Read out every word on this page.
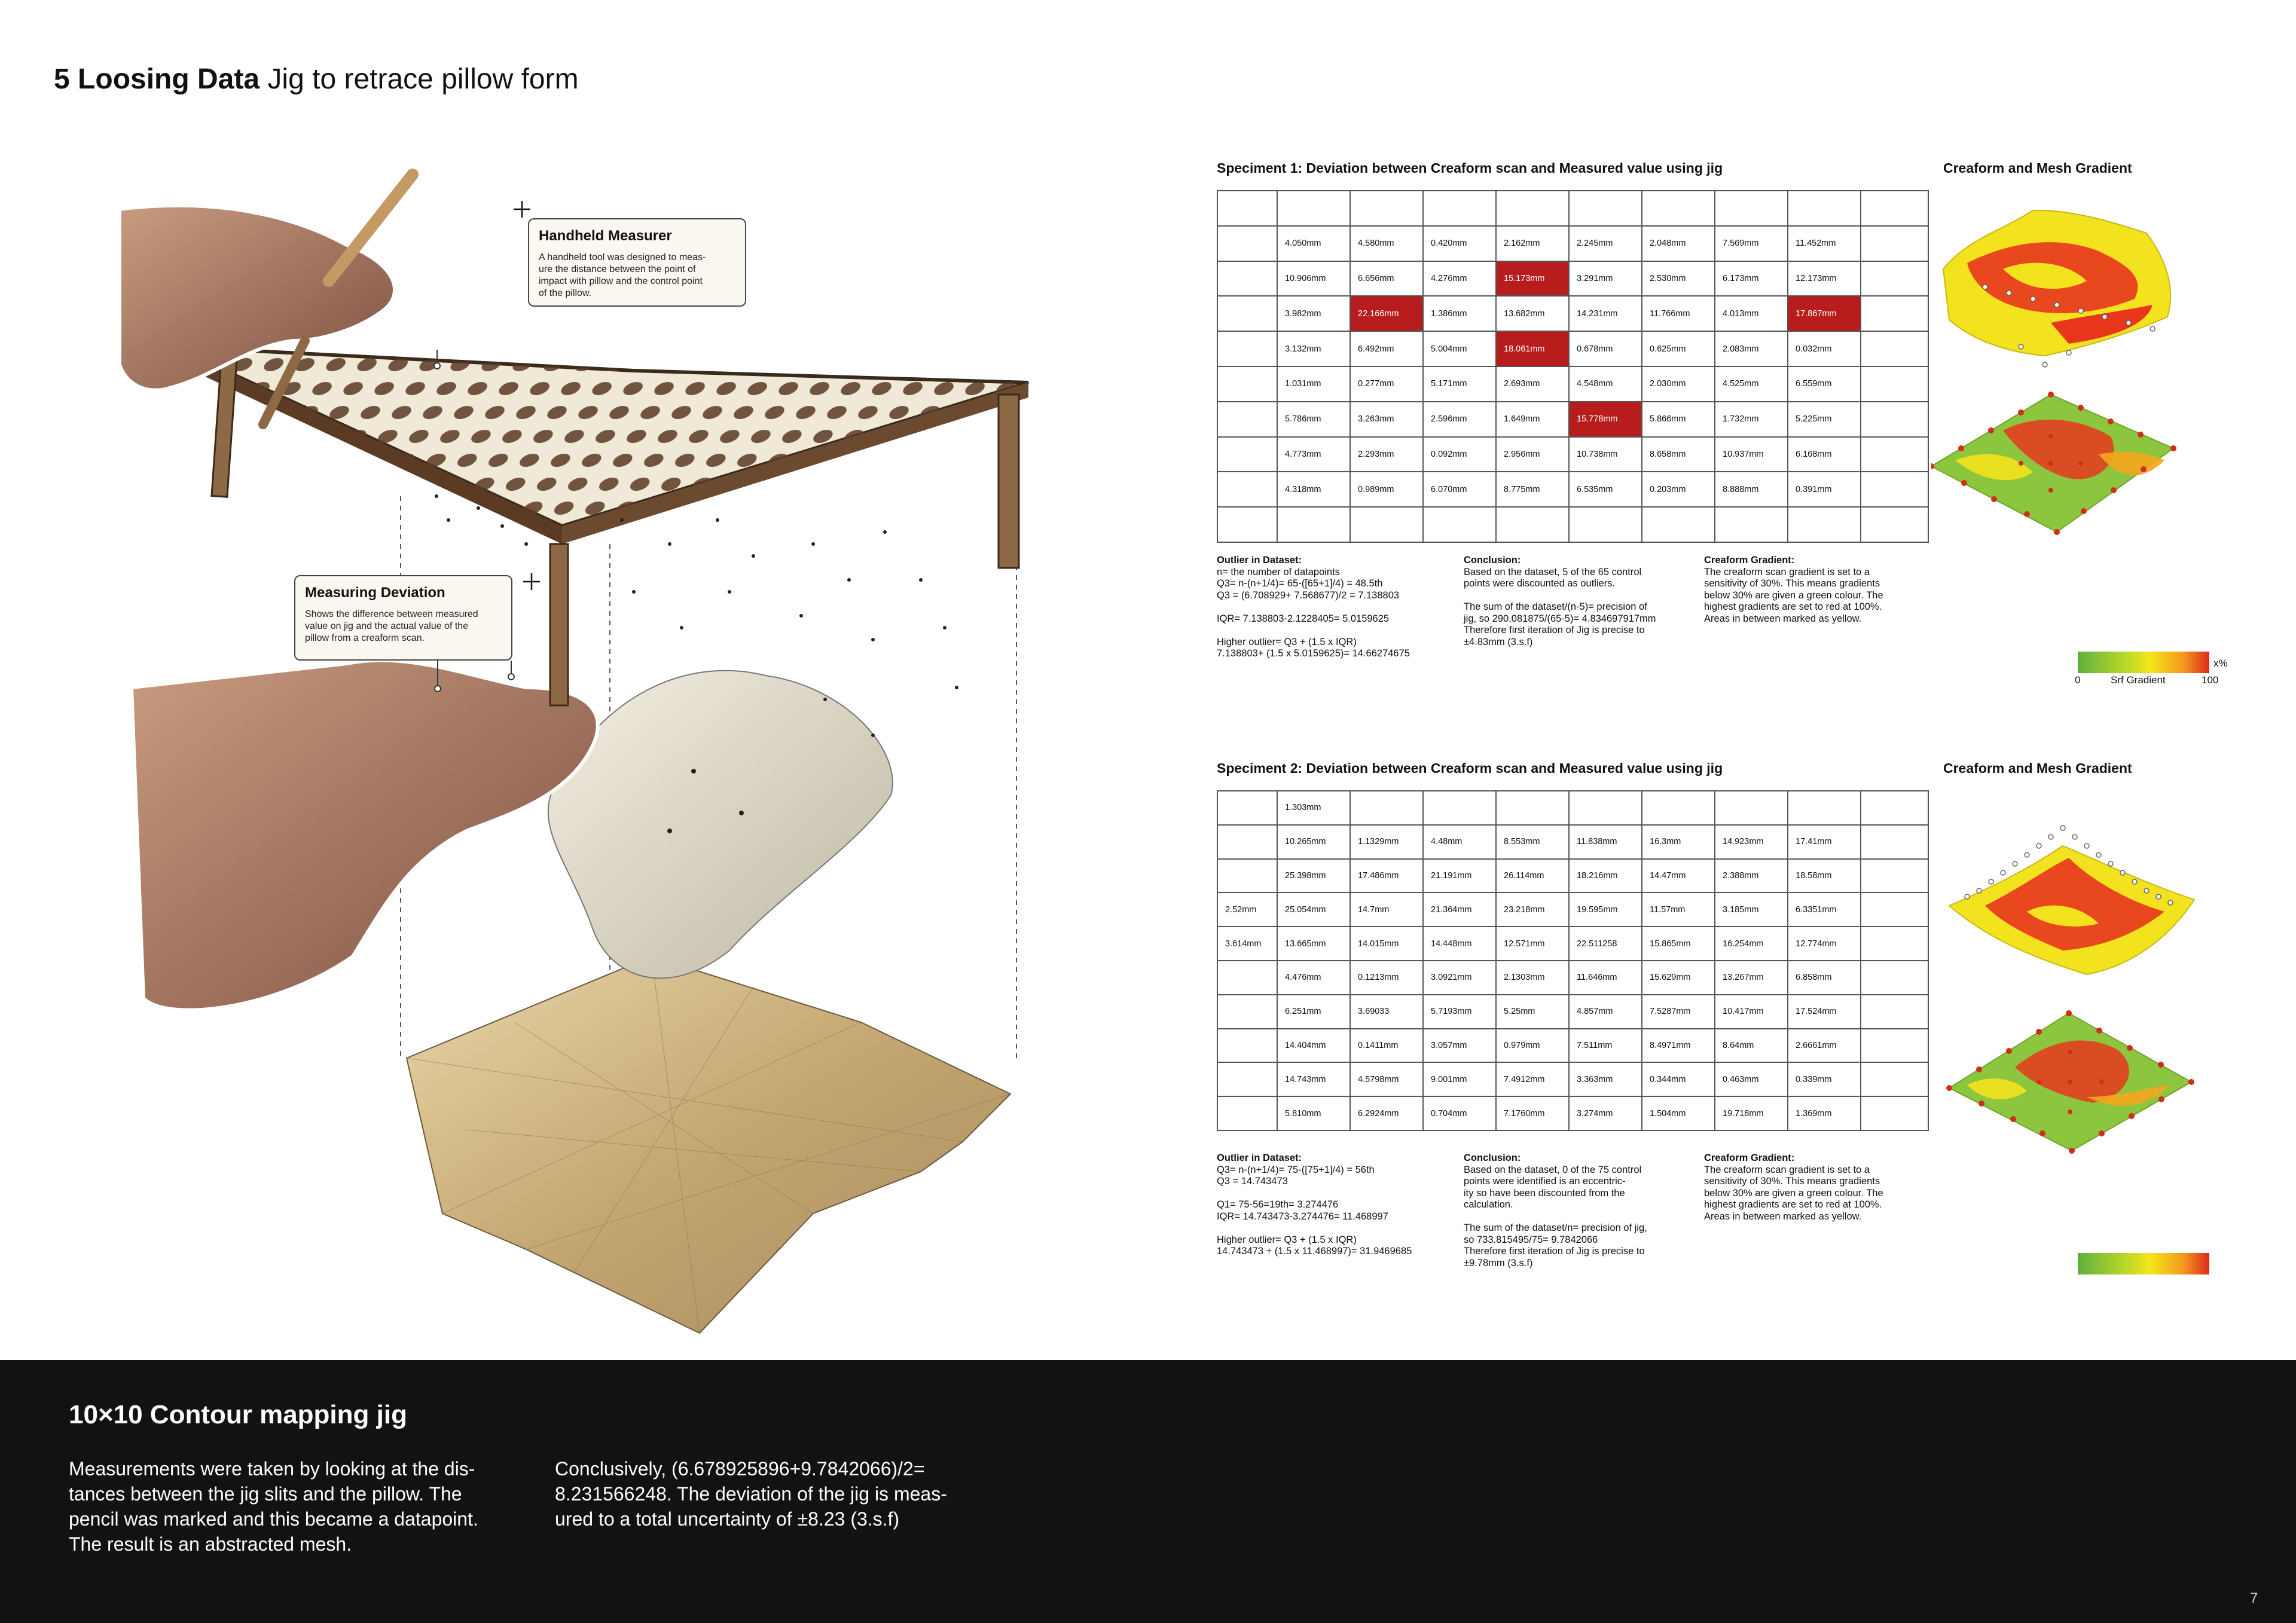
5 Loosing Data Jig to retrace pillow form
Handheld Measurer

A handheld tool was designed to meas-
ure the distance between the point of
impact with pillow and the control point
of the pillow.

Measuring Deviation

Shows the difference between measured
value on jig and the actual value of the
pillow from a creaform scan.

Speciment 1: Deviation between Creaform scan and Measured value using jig

	4.050mm	4.580mm	0.420mm	2.162mm	2.245mm	2.048mm	7.569mm	11.452mm	
	10.906mm	6.656mm	4.276mm	15.173mm	3.291mm	2.530mm	6.173mm	12.173mm	
	3.982mm	22.166mm	1.386mm	13.682mm	14.231mm	11.766mm	4.013mm	17.867mm	
	3.132mm	6.492mm	5.004mm	18.061mm	0.678mm	0.625mm	2.083mm	0.032mm	
	1.031mm	0.277mm	5.171mm	2.693mm	4.548mm	2.030mm	4.525mm	6.559mm	
	5.786mm	3.263mm	2.596mm	1.649mm	15.778mm	5.866mm	1.732mm	5.225mm	
	4.773mm	2.293mm	0.092mm	2.956mm	10.738mm	8.658mm	10.937mm	6.168mm	
	4.318mm	0.989mm	6.070mm	8.775mm	6.535mm	0.203mm	8.888mm	0.391mm	

Outlier in Dataset:
n= the number of datapoints
Q3= n-(n+1/4)= 65-([65+1]/4) = 48.5th
Q3 = (6.708929+ 7.568677)/2 = 7.138803
IQR= 7.138803-2.1228405= 5.0159625
Higher outlier= Q3 + (1.5 x IQR)
7.138803+ (1.5 x 5.0159625)= 14.66274675
Conclusion:
Based on the dataset, 5 of the 65 control
points were discounted as outliers.
The sum of the dataset/(n-5)= precision of
jig, so 290.081875/(65-5)= 4.834697917mm
Therefore first iteration of Jig is precise to
±4.83mm (3.s.f)
Creaform Gradient:
The creaform scan gradient is set to a
sensitivity of 30%. This means gradients
below 30% are given a green colour. The
highest gradients are set to red at 100%.
Areas in between marked as yellow.
Creaform and Mesh Gradient
x%
0	Srf Gradient	100
Speciment 2: Deviation between Creaform scan and Measured value using jig
	1.303mm								
	10.265mm	1.1329mm	4.48mm	8.553mm	11.838mm	16.3mm	14.923mm	17.41mm	
	25.398mm	17.486mm	21.191mm	26.114mm	18.216mm	14.47mm	2.388mm	18.58mm	
2.52mm	25.054mm	14.7mm	21.364mm	23.218mm	19.595mm	11.57mm	3.185mm	6.3351mm	
3.614mm	13.665mm	14.015mm	14.448mm	12.571mm	22.511258	15.865mm	16.254mm	12.774mm	
	4.476mm	0.1213mm	3.0921mm	2.1303mm	11.646mm	15.629mm	13.267mm	6.858mm	
	6.251mm	3.69033	5.7193mm	5.25mm	4.857mm	7.5287mm	10.417mm	17.524mm	
	14.404mm	0.1411mm	3.057mm	0.979mm	7.511mm	8.4971mm	8.64mm	2.6661mm	
	14.743mm	4.5798mm	9.001mm	7.4912mm	3.363mm	0.344mm	0.463mm	0.339mm	
	5.810mm	6.2924mm	0.704mm	7.1760mm	3.274mm	1.504mm	19.718mm	1.369mm	
Outlier in Dataset:
Q3= n-(n+1/4)= 75-([75+1]/4) = 56th
Q3 = 14.743473
Q1= 75-56=19th= 3.274476
IQR= 14.743473-3.274476= 11.468997
Higher outlier= Q3 + (1.5 x IQR)
14.743473 + (1.5 x 11.468997)= 31.9469685
Conclusion:
Based on the dataset, 0 of the 75 control
points were identified is an eccentric-
ity so have been discounted from the
calculation.
The sum of the dataset/n= precision of jig,
so 733.815495/75= 9.7842066
Therefore first iteration of Jig is precise to
±9.78mm (3.s.f)
Creaform Gradient:
The creaform scan gradient is set to a
sensitivity of 30%. This means gradients
below 30% are given a green colour. The
highest gradients are set to red at 100%.
Areas in between marked as yellow.
Creaform and Mesh Gradient
10×10 Contour mapping jig
Measurements were taken by looking at the dis-
tances between the jig slits and the pillow. The
pencil was marked and this became a datapoint.
The result is an abstracted mesh.
Conclusively, (6.678925896+9.7842066)/2=
8.231566248. The deviation of the jig is meas-
ured to a total uncertainty of ±8.23 (3.s.f)
7
